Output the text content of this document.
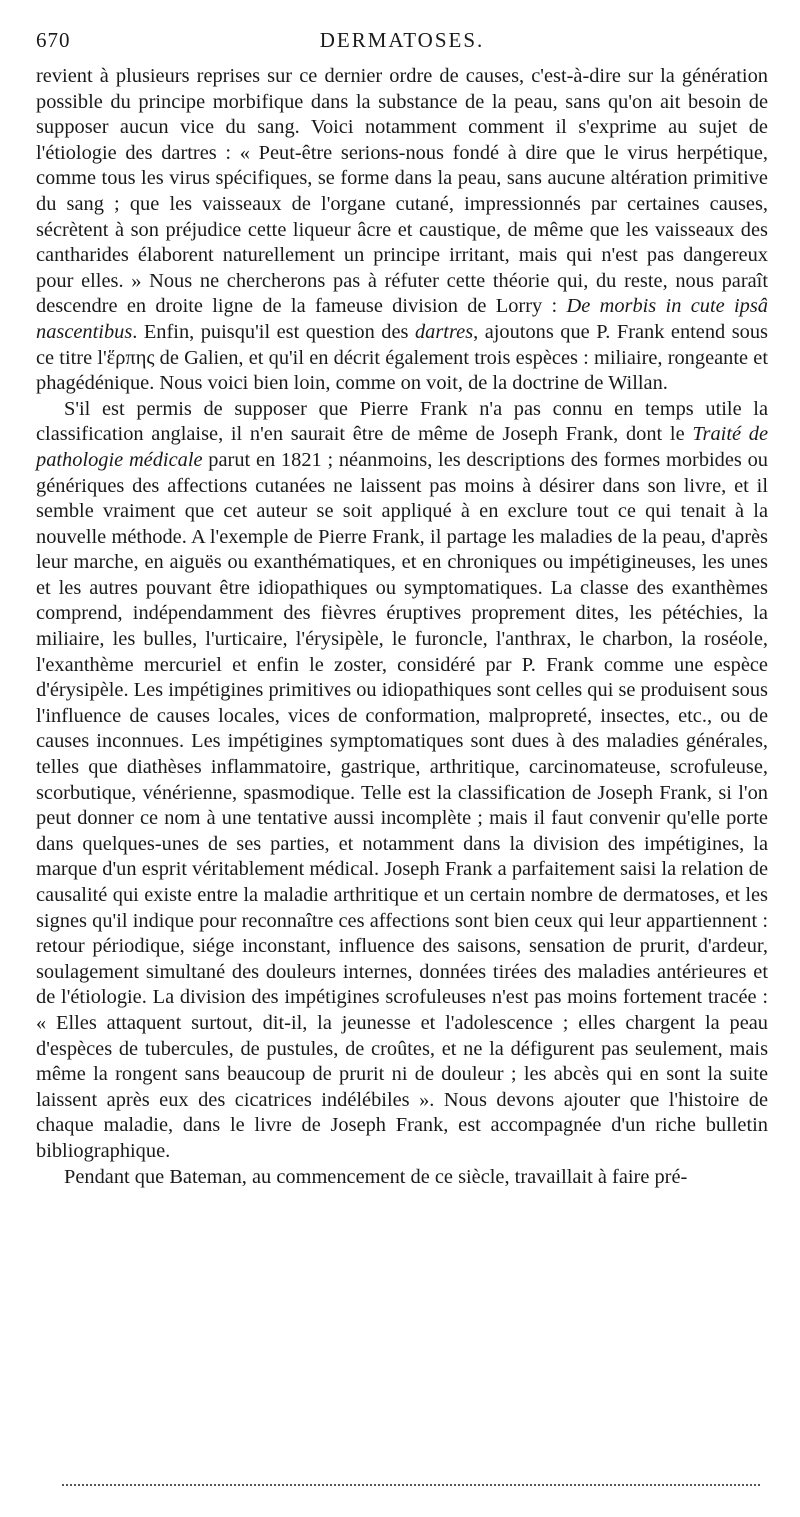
670	DERMATOSES.

revient à plusieurs reprises sur ce dernier ordre de causes, c'est-à-dire sur la génération possible du principe morbifique dans la substance de la peau, sans qu'on ait besoin de supposer aucun vice du sang. Voici notamment comment il s'exprime au sujet de l'étiologie des dartres : « Peut-être serions-nous fondé à dire que le virus herpétique, comme tous les virus spécifiques, se forme dans la peau, sans aucune altération primitive du sang ; que les vaisseaux de l'organe cutané, impressionnés par certaines causes, sécrètent à son préjudice cette liqueur âcre et caustique, de même que les vaisseaux des cantharides élaborent naturellement un principe irritant, mais qui n'est pas dangereux pour elles. » Nous ne chercherons pas à réfuter cette théorie qui, du reste, nous paraît descendre en droite ligne de la fameuse division de Lorry : De morbis in cute ipsâ nascentibus. Enfin, puisqu'il est question des dartres, ajoutons que P. Frank entend sous ce titre l'ἕρπης de Galien, et qu'il en décrit également trois espèces : miliaire, rongeante et phagédénique. Nous voici bien loin, comme on voit, de la doctrine de Willan.

S'il est permis de supposer que Pierre Frank n'a pas connu en temps utile la classification anglaise, il n'en saurait être de même de Joseph Frank, dont le Traité de pathologie médicale parut en 1821 ; néanmoins, les descriptions des formes morbides ou génériques des affections cutanées ne laissent pas moins à désirer dans son livre, et il semble vraiment que cet auteur se soit appliqué à en exclure tout ce qui tenait à la nouvelle méthode. A l'exemple de Pierre Frank, il partage les maladies de la peau, d'après leur marche, en aiguës ou exanthématiques, et en chroniques ou impétigineuses, les unes et les autres pouvant être idiopathiques ou symptomatiques. La classe des exanthèmes comprend, indépendamment des fièvres éruptives proprement dites, les pétéchies, la miliaire, les bulles, l'urticaire, l'érysipèle, le furoncle, l'anthrax, le charbon, la roséole, l'exanthème mercuriel et enfin le zoster, considéré par P. Frank comme une espèce d'érysipèle. Les impétigines primitives ou idiopathiques sont celles qui se produisent sous l'influence de causes locales, vices de conformation, malpropreté, insectes, etc., ou de causes inconnues. Les impétigines symptomatiques sont dues à des maladies générales, telles que diathèses inflammatoire, gastrique, arthritique, carcinomateuse, scrofuleuse, scorbutique, vénérienne, spasmodique. Telle est la classification de Joseph Frank, si l'on peut donner ce nom à une tentative aussi incomplète ; mais il faut convenir qu'elle porte dans quelques-unes de ses parties, et notamment dans la division des impétigines, la marque d'un esprit véritablement médical. Joseph Frank a parfaitement saisi la relation de causalité qui existe entre la maladie arthritique et un certain nombre de dermatoses, et les signes qu'il indique pour reconnaître ces affections sont bien ceux qui leur appartiennent : retour périodique, siége inconstant, influence des saisons, sensation de prurit, d'ardeur, soulagement simultané des douleurs internes, données tirées des maladies antérieures et de l'étiologie. La division des impétigines scrofuleuses n'est pas moins fortement tracée : « Elles attaquent surtout, dit-il, la jeunesse et l'adolescence ; elles chargent la peau d'espèces de tubercules, de pustules, de croûtes, et ne la défigurent pas seulement, mais même la rongent sans beaucoup de prurit ni de douleur ; les abcès qui en sont la suite laissent après eux des cicatrices indélébiles ». Nous devons ajouter que l'histoire de chaque maladie, dans le livre de Joseph Frank, est accompagnée d'un riche bulletin bibliographique.

Pendant que Bateman, au commencement de ce siècle, travaillait à faire pré-
